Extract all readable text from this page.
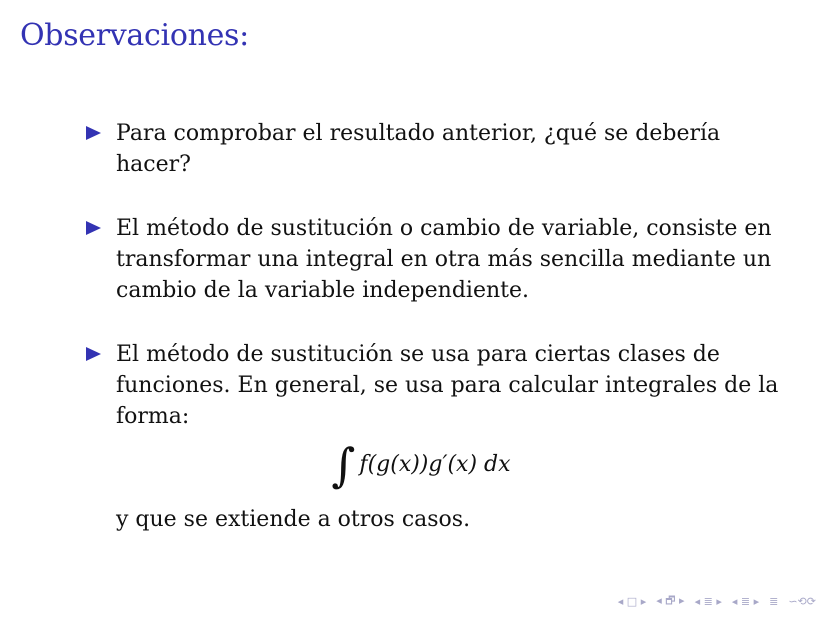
Observaciones:
Para comprobar el resultado anterior, ¿qué se debería hacer?
El método de sustitución o cambio de variable, consiste en transformar una integral en otra más sencilla mediante un cambio de la variable independiente.
El método de sustitución se usa para ciertas clases de funciones. En general, se usa para calcular integrales de la forma:
∫ f(g(x))g′(x) dx
y que se extiende a otros casos.
◂ □ ▸ ◂ 🗗 ▸ ◂ ≣ ▸ ◂ ≣ ▸ ≣ ∽⟲⟳
